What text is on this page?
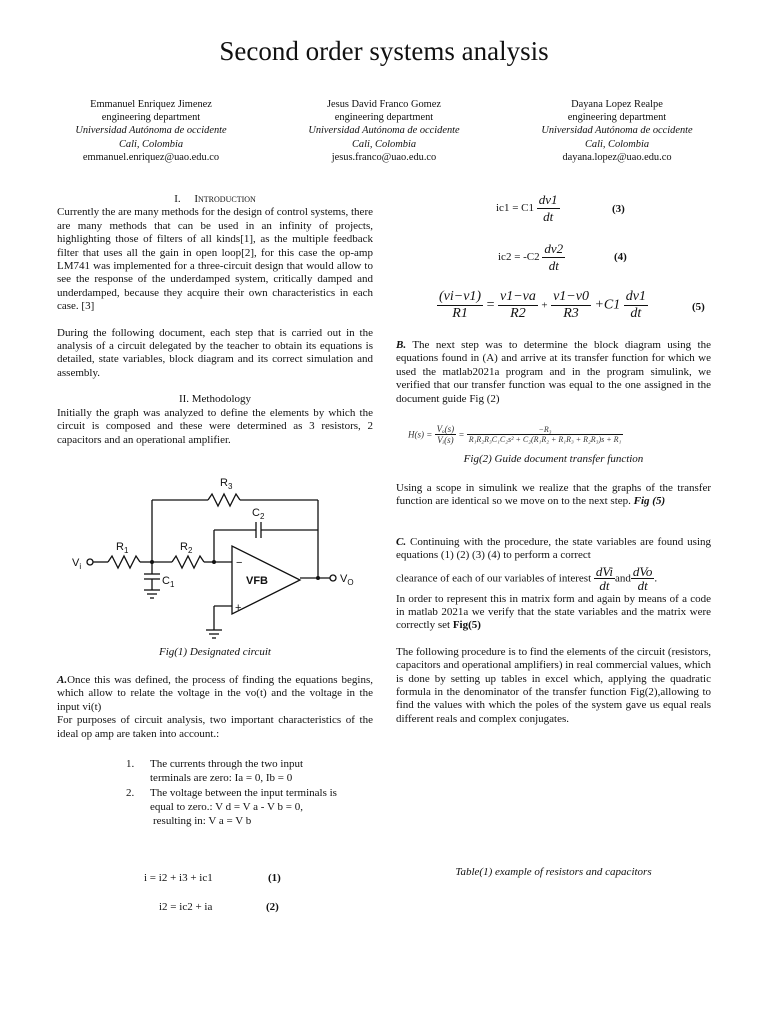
Second order systems analysis
Emmanuel Enriquez Jimenez
engineering department
Universidad Autónoma de occidente
Cali, Colombia
emmanuel.enriquez@uao.edu.co
Jesus David Franco Gomez
engineering department
Universidad Autónoma de occidente
Cali, Colombia
jesus.franco@uao.edu.co
Dayana Lopez Realpe
engineering department
Universidad Autónoma de occidente
Cali, Colombia
dayana.lopez@uao.edu.co
I. Introduction

Currently the are many methods for the design of control systems, there are many methods that can be used in an infinity of projects, highlighting those of filters of all kinds[1], as the multiple feedback filter that uses all the gain in open loop[2], for this case the op-amp LM741 was implemented for a three-circuit design that would allow to see the response of the underdamped system, critically damped and underdamped, because they acquire their own characteristics in each case. [3]

During the following document, each step that is carried out in the analysis of a circuit delegated by the teacher to obtain its equations is detailed, state variables, block diagram and its correct simulation and assembly.

II. Methodology

Initially the graph was analyzed to define the elements by which the circuit is composed and these were determined as 3 resistors, 2 capacitors and an operational amplifier.

$V_i$
$R_1$	$R_2$
$R_3$
$C_1$
$C_2$
VFB
−
+
$V_O$
Fig(1) Designated circuit

A.Once this was defined, the process of finding the equations begins, which allow to relate the voltage in the vo(t) and the voltage in the input vi(t)

For purposes of circuit analysis, two important characteristics of the ideal op amp are taken into account.:

1. The currents through the two input
terminals are zero: Ia = 0, Ib = 0
2. The voltage between the input terminals is
equal to zero.: V d = V a - V b = 0,
resulting in: V a = V b
i = i2 + i3 + ic1	(1)
i2 = ic2 + ia	(2)
$ic1 = C1 \frac{dv1}{dt}$	(3)
$ic2 = -C2 \frac{dv2}{dt}$	(4)
$\frac{(vi-v1)}{R1} = \frac{v1-va}{R2} + \frac{v1-v0}{R3} +C1 \frac{dv1}{dt}$	(5)

B. The next step was to determine the block diagram using the equations found in (A) and arrive at its transfer function for which we used the matlab2021a program and in the program simulink, we verified that our transfer function was equal to the one assigned in the document guide Fig (2)

$H(s) = \frac{\text{Vₒ(s)}}{\text{Vᵢ(s)}} = \frac{\text{−R₃}}{\text{R₁R₂R₃C₁C₂s² + C₂(R₁R₂ + R₁R₃ + R₂R₃)s + R₁}}$
Fig(2) Guide document transfer function

Using a scope in simulink we realize that the graphs of the transfer function are identical so we move on to the next step. Fig (5)

C. Continuing with the procedure, the state variables are found using equations (1) (2) (3) (4) to perform a correct

clearance of each of our variables of interest $\frac{\text{dVi}}{dt}$ and $\frac{\text{dVo}}{dt}$ .

In order to represent this in matrix form and again by means of a code in matlab 2021a we verify that the state variables and the matrix were correctly set Fig(5)

The following procedure is to find the elements of the circuit (resistors, capacitors and operational amplifiers) in real commercial values, which is done by setting up tables in excel which, applying the quadratic formula in the denominator of the transfer function Fig(2),allowing to find the values with which the poles of the system gave us equal reals different reals and complex conjugates.

Table(1) example of resistors and capacitors
